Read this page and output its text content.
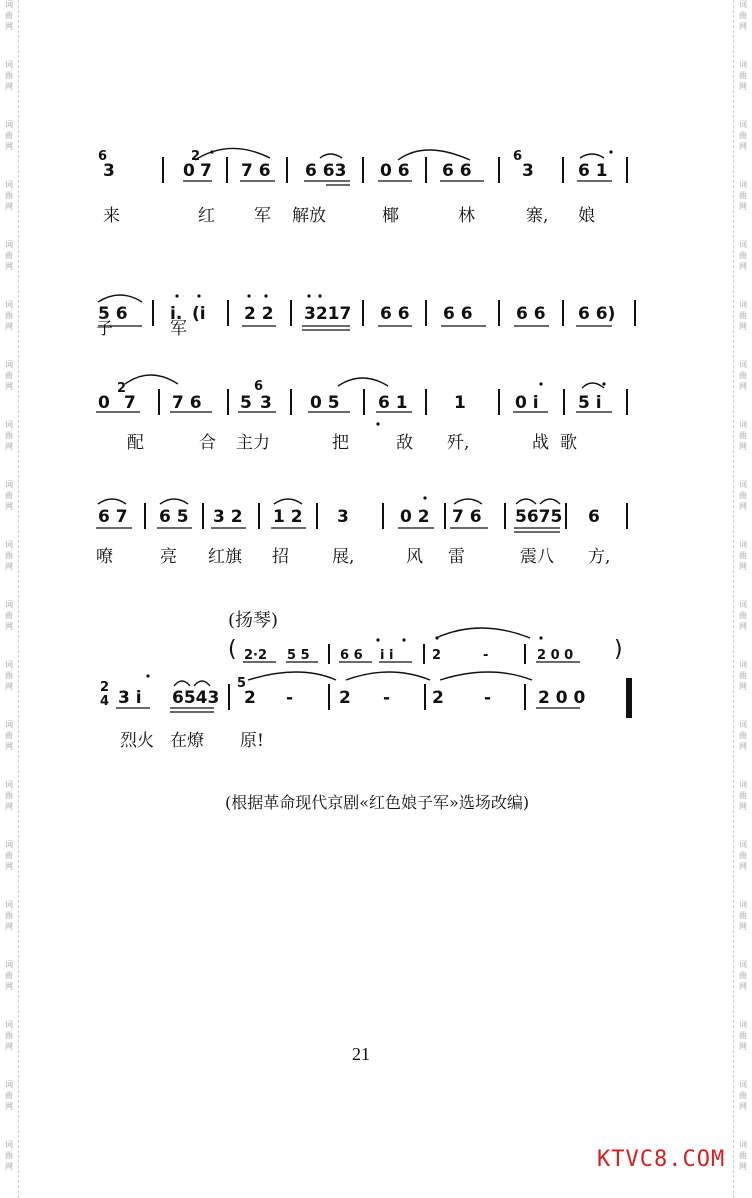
词
曲
网
词
曲
网
词
曲
网
词
曲
网
词
曲
网
词
曲
网
词
曲
网
词
曲
网
词
曲
网
词
曲
网
词
曲
网
词
曲
网
词
曲
网
词
曲
网
词
曲
网
词
曲
网
词
曲
网
词
曲
网
词
曲
网
词
曲
网
词
曲
网
词
曲
网
词
曲
网
词
曲
网
词
曲
网
词
曲
网
词
曲
网
词
曲
网
词
曲
网
词
曲
网
词
曲
网
词
曲
网
词
曲
网
词
曲
网
词
曲
网
词
曲
网
词
曲
网
词
曲
网
词
曲
网
词
曲
网
6
3	0
2
7 7 6 6 63 0 6 6 6
6
3	6 1
来	红 军 解放	椰	林	寨, 娘
5 6 i. (i 2 2 3217 6 6 6 6	6 6 6 6)
子	军
0
2
7 7 6 5
6
3 0 5 6 1	1	0 i 5 i
配	合 主力	把	敌 歼,	战 歌
6 7 6 5 3 2 1 2 3	0 2 7 6 5675 6
嘹	亮 红旗 招	展,	风 雷	震八 方,
(扬琴)
( 2·2 5 5 6 6 i i	2	-	2 0 0 )
2
4 3 i 6543
5
2 -	2 - 2 -	2 0 0
烈火 在燎 原!
(根据革命现代京剧«红色娘子军»选场改编)
21
KTVC8.COM
